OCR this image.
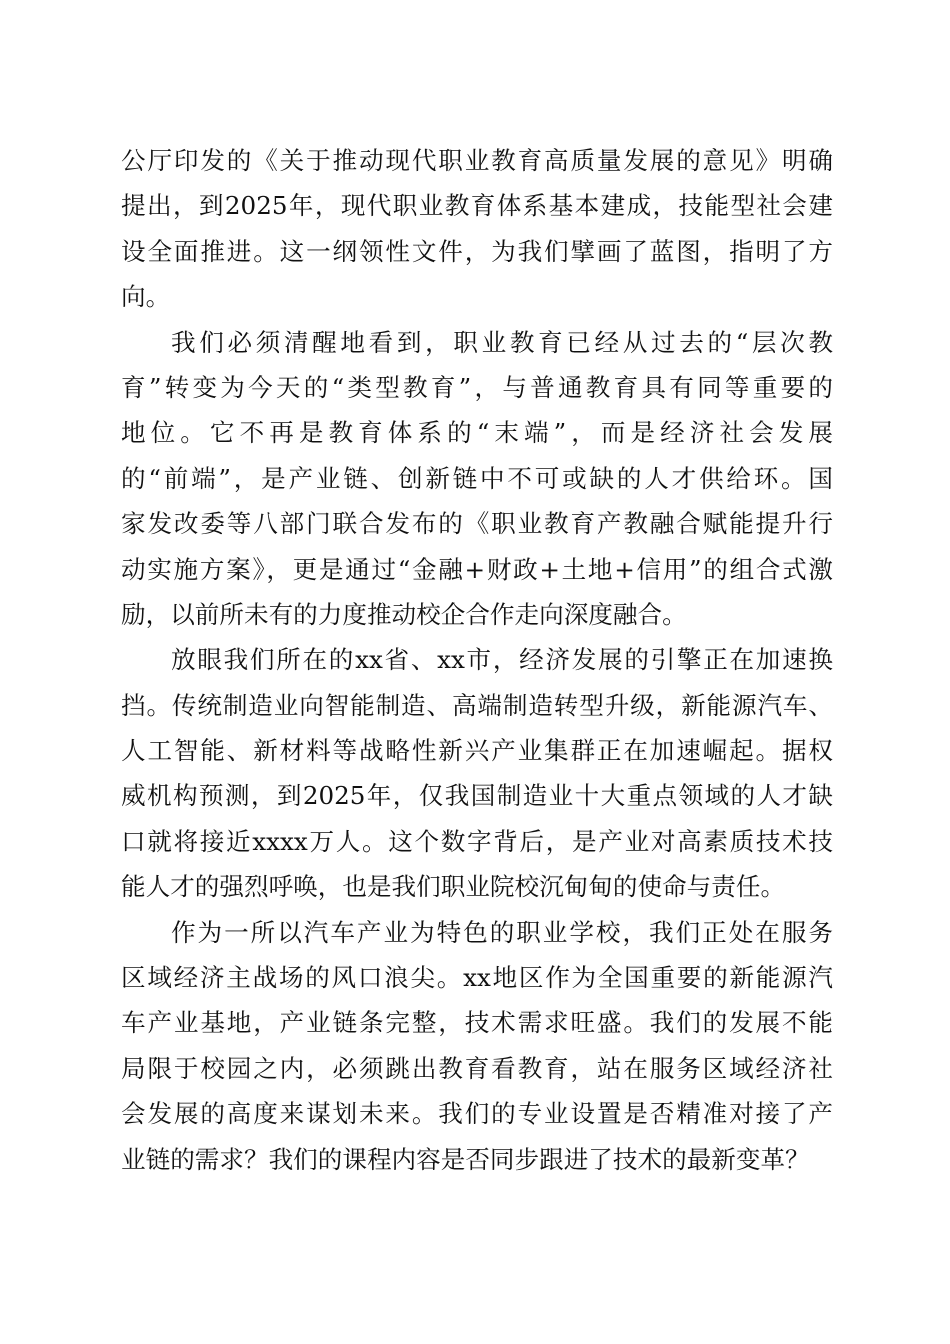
公厅印发的《关于推动现代职业教育高质量发展的意见》明确
提出，到2025年，现代职业教育体系基本建成，技能型社会建
设全面推进。这一纲领性文件，为我们擘画了蓝图，指明了方
向。
我们必须清醒地看到，职业教育已经从过去的“层次教
育”转变为今天的“类型教育”，与普通教育具有同等重要的
地位。它不再是教育体系的“末端”，而是经济社会发展
的“前端”，是产业链、创新链中不可或缺的人才供给环。国
家发改委等八部门联合发布的《职业教育产教融合赋能提升行
动实施方案》，更是通过“金融+财政+土地+信用”的组合式激
励，以前所未有的力度推动校企合作走向深度融合。
放眼我们所在的xx省、xx市，经济发展的引擎正在加速换
挡。传统制造业向智能制造、高端制造转型升级，新能源汽车、
人工智能、新材料等战略性新兴产业集群正在加速崛起。据权
威机构预测，到2025年，仅我国制造业十大重点领域的人才缺
口就将接近xxxx万人。这个数字背后，是产业对高素质技术技
能人才的强烈呼唤，也是我们职业院校沉甸甸的使命与责任。
作为一所以汽车产业为特色的职业学校，我们正处在服务
区域经济主战场的风口浪尖。xx地区作为全国重要的新能源汽
车产业基地，产业链条完整，技术需求旺盛。我们的发展不能
局限于校园之内，必须跳出教育看教育，站在服务区域经济社
会发展的高度来谋划未来。我们的专业设置是否精准对接了产
业链的需求？我们的课程内容是否同步跟进了技术的最新变革？
